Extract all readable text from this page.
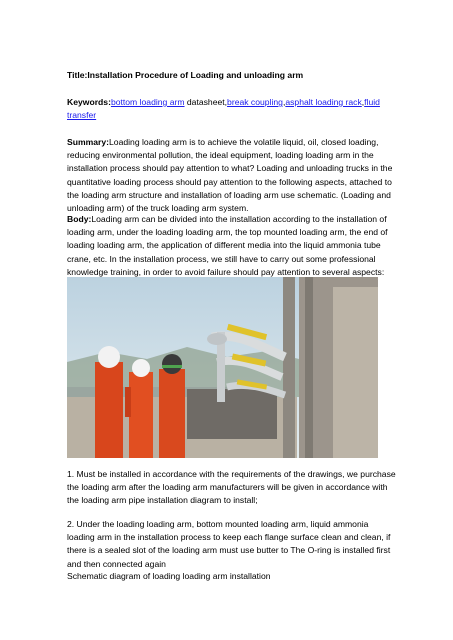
Title:Installation Procedure of Loading and unloading arm
Keywords:bottom loading arm datasheet,break coupling,asphalt loading rack,fluid transfer
Summary:Loading loading arm is to achieve the volatile liquid, oil, closed loading, reducing environmental pollution, the ideal equipment, loading loading arm in the installation process should pay attention to what? Loading and unloading trucks in the quantitative loading process should pay attention to the following aspects, attached to the loading arm structure and installation of loading arm use schematic. (Loading and unloading arm) of the truck loading arm system.
Body:Loading arm can be divided into the installation according to the installation of loading arm, under the loading loading arm, the top mounted loading arm, the end of loading loading arm, the application of different media into the liquid ammonia tube crane, etc. In the installation process, we still have to carry out some professional knowledge training, in order to avoid failure should pay attention to several aspects:
1. Must be installed in accordance with the requirements of the drawings, we purchase the loading arm after the loading arm manufacturers will be given in accordance with the loading arm pipe installation diagram to install;
2. Under the loading loading arm, bottom mounted loading arm, liquid ammonia loading arm in the installation process to keep each flange surface clean and clean, if there is a sealed slot of the loading arm must use butter to The O-ring is installed first and then connected again
Schematic diagram of loading loading arm installation
